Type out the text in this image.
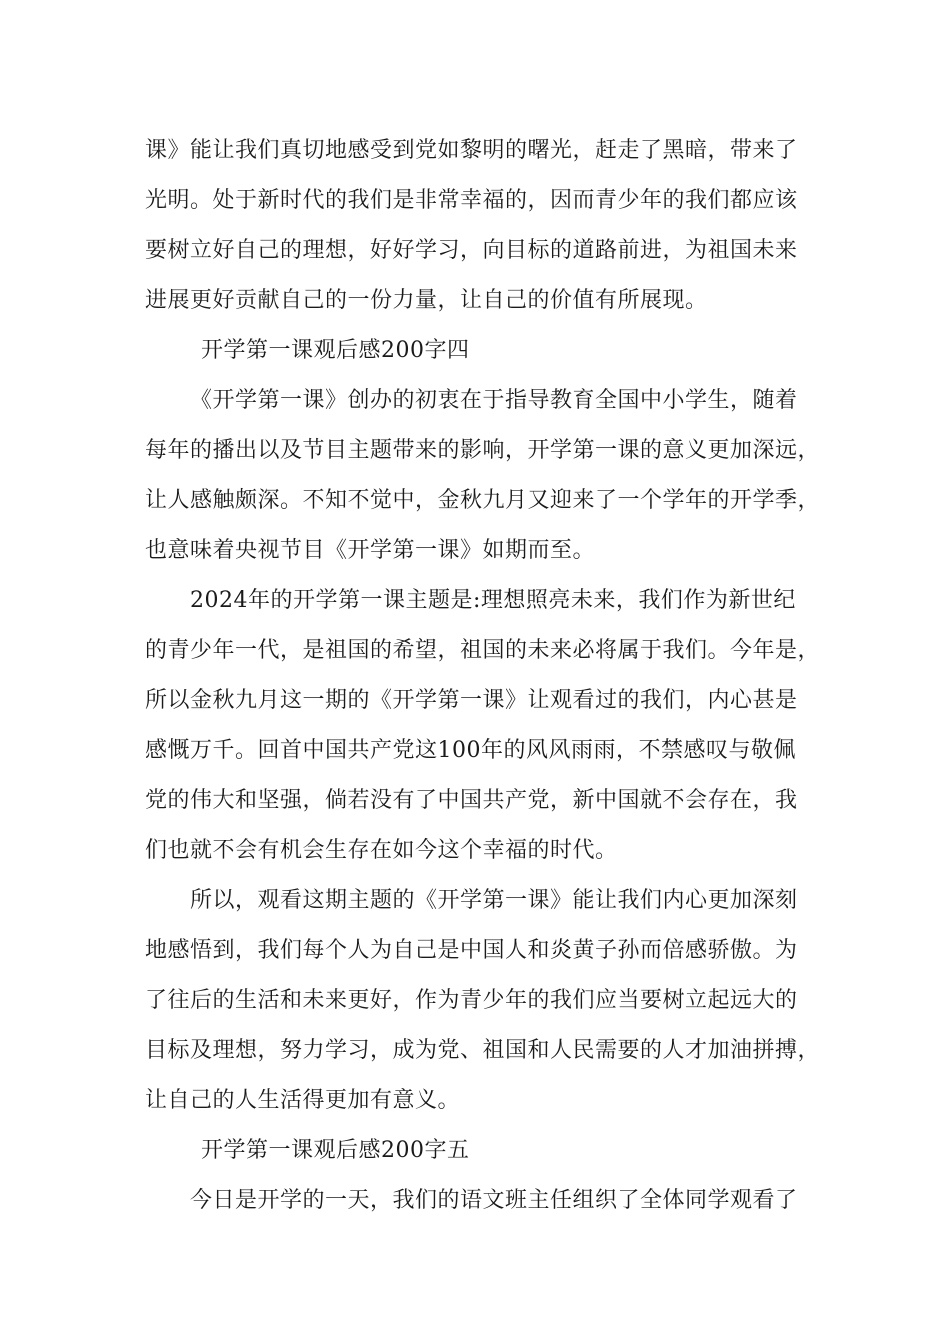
课》能让我们真切地感受到党如黎明的曙光，赶走了黑暗，带来了
光明。处于新时代的我们是非常幸福的，因而青少年的我们都应该
要树立好自己的理想，好好学习，向目标的道路前进，为祖国未来
进展更好贡献自己的一份力量，让自己的价值有所展现。
开学第一课观后感200字四
《开学第一课》创办的初衷在于指导教育全国中小学生，随着
每年的播出以及节目主题带来的影响，开学第一课的意义更加深远，
让人感触颇深。不知不觉中，金秋九月又迎来了一个学年的开学季，
也意味着央视节目《开学第一课》如期而至。
2024年的开学第一课主题是:理想照亮未来，我们作为新世纪
的青少年一代，是祖国的希望，祖国的未来必将属于我们。今年是，
所以金秋九月这一期的《开学第一课》让观看过的我们，内心甚是
感慨万千。回首中国共产党这100年的风风雨雨，不禁感叹与敬佩
党的伟大和坚强，倘若没有了中国共产党，新中国就不会存在，我
们也就不会有机会生存在如今这个幸福的时代。
所以，观看这期主题的《开学第一课》能让我们内心更加深刻
地感悟到，我们每个人为自己是中国人和炎黄子孙而倍感骄傲。为
了往后的生活和未来更好，作为青少年的我们应当要树立起远大的
目标及理想，努力学习，成为党、祖国和人民需要的人才加油拼搏，
让自己的人生活得更加有意义。
开学第一课观后感200字五
今日是开学的一天，我们的语文班主任组织了全体同学观看了
